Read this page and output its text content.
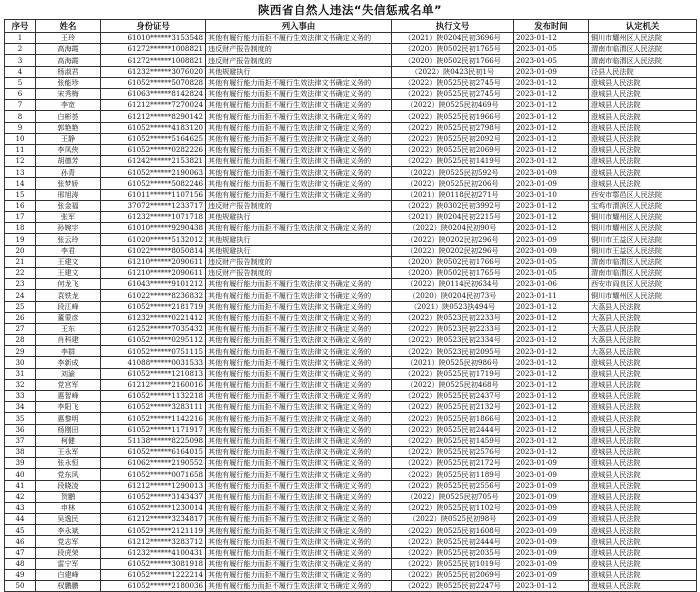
陕西省自然人违法“失信惩戒名单”
序号	姓名	身份证号	列入事由	执行文号	发布时间	认定机关
1	王玲	61010******3153548	其他有履行能力而拒不履行生效法律文书确定义务的	（2021）陕0204民初3696号	2023-01-12	铜川市耀州区人民法院
2	高海霞	61272******1008821	违反财产报告制度的	（2020）陕0502民初1765号	2023-01-05	渭南市临渭区人民法院
3	高海霞	61272******1008821	违反财产报告制度的	（2020）陕0502民初1766号	2023-01-05	渭南市临渭区人民法院
4	杨淑君	61232******3076020	其他规避执行	（2022）陕0423民初1号	2023-01-09	泾县人民法院
5	张能珍	61052******5070828	其他有履行能力而拒不履行生效法律文书确定义务的	（2022）陕0525民初2745号	2023-01-12	澄城县人民法院
6	宋秀梅	61063******8142824	其他有履行能力而拒不履行生效法律文书确定义务的	（2022）陕0525民初2745号	2023-01-12	澄城县人民法院
7	李宽	61212******7270024	其他有履行能力而拒不履行生效法律文书确定义务的	（2022）陕0525民初469号	2023-01-12	澄城县人民法院
8	白彬荟	61212******8290142	其他有履行能力而拒不履行生效法律文书确定义务的	（2022）陕0525民初1966号	2023-01-12	澄城县人民法院
9	郭艳艳	61052******4183120	其他有履行能力而拒不履行生效法律文书确定义务的	（2022）陕0525民初2798号	2023-01-12	澄城县人民法院
10	王静	61052******5164625	其他有履行能力而拒不履行生效法律文书确定义务的	（2022）陕0525民初2092号	2023-01-12	澄城县人民法院
11	李凤侠	61052******0282226	其他有履行能力而拒不履行生效法律文书确定义务的	（2022）陕0525民初2069号	2023-01-12	澄城县人民法院
12	胡德芳	61242******2153821	其他有履行能力而拒不履行生效法律文书确定义务的	（2022）陕0525民初1419号	2023-01-12	澄城县人民法院
13	孙青	61052******2190063	其他有履行能力而拒不履行生效法律文书确定义务的	（2022）陕0525民初592号	2023-01-09	澄城县人民法院
14	张梦娇	61052******5082246	其他有履行能力而拒不履行生效法律文书确定义务的	（2022）陕0525民初206号	2023-01-09	澄城县人民法院
15	邢旭涛	61011******1107156	其他有履行能力而拒不履行生效法律文书确定义务的	（2021）陕0118民初271号	2023-01-10	西安市鄠邑区人民法院
16	张金福	37072******1233717	违反财产报告制度的	（2022）陕0302民初3992号	2023-01-12	宝鸡市渭滨区人民法院
17	张军	61232******1071718	其他规避执行	（2021）陕0204民初2215号	2023-01-12	铜川市耀州区人民法院
18	孙婉宇	61010******9290438	其他有履行能力而拒不履行生效法律文书确定义务的	（2022）陕0204民初90号	2023-01-12	铜川市耀州区人民法院
19	张云玲	61020******5132012	其他规避执行	（2022）陕0202民初296号	2023-01-09	铜川市王益区人民法院
20	李君	61022******8050814	其他规避执行	（2022）陕0202民初296号	2023-01-09	铜川市王益区人民法院
21	王建文	61210******2090611	违反财产报告制度的	（2020）陕0502民初1766号	2023-01-05	渭南市临渭区人民法院
22	王建文	61210******2090611	违反财产报告制度的	（2020）陕0502民初1765号	2023-01-05	渭南市临渭区人民法院
23	何龙飞	61043******9101212	其他有履行能力而拒不履行生效法律文书确定义务的	（2022）陕0114民初634号	2023-01-06	西安市阎良区人民法院
24	袁铁龙	61022******8236832	其他有履行能力而拒不履行生效法律文书确定义务的	（2020）陕0204民初73号	2023-01-11	铜川市耀州区人民法院
25	段江峰	61052******2181719	其他有履行能力而拒不履行生效法律文书确定义务的	（2021）陕0523执494号	2023-01-12	大荔县人民法院
26	董蒙彦	61232******0221412	其他有履行能力而拒不履行生效法律文书确定义务的	（2022）陕0523民初2233号	2023-01-12	大荔县人民法院
27	王东	61252******7035432	其他有履行能力而拒不履行生效法律文书确定义务的	（2022）陕0523民初2233号	2023-01-12	大荔县人民法院
28	肖科建	61052******0295112	其他有履行能力而拒不履行生效法律文书确定义务的	（2022）陕0523民初2334号	2023-01-12	大荔县人民法院
29	李群	61052******0751115	其他有履行能力而拒不履行生效法律文书确定义务的	（2022）陕0523民初2095号	2023-01-12	大荔县人民法院
30	李新成	41088******0031533	其他有履行能力而拒不履行生效法律文书确定义务的	（2021）陕0525民初986号	2023-01-12	澄城县人民法院
31	刘渝	61052******1210813	其他有履行能力而拒不履行生效法律文书确定义务的	（2022）陕0525民初1719号	2023-01-12	澄城县人民法院
32	党宫军	61212******2160016	其他有履行能力而拒不履行生效法律文书确定义务的	（2022）陕0525民初468号	2023-01-12	澄城县人民法院
33	惠智峰	61052******1132218	其他有履行能力而拒不履行生效法律文书确定义务的	（2022）陕0525民初2437号	2023-01-12	澄城县人民法院
34	李阳飞	61052******3283111	其他有履行能力而拒不履行生效法律文书确定义务的	（2022）陕0525民初2132号	2023-01-12	澄城县人民法院
35	惠黎明	61052******1142216	其他有履行能力而拒不履行生效法律文书确定义务的	（2022）陕0525民初1866号	2023-01-12	澄城县人民法院
36	杨刚田	61052******1171917	其他有履行能力而拒不履行生效法律文书确定义务的	（2022）陕0525民初2444号	2023-01-12	澄城县人民法院
37	柯健	51138******8225098	其他有履行能力而拒不履行生效法律文书确定义务的	（2022）陕0525民初1459号	2023-01-12	澄城县人民法院
38	王永军	61052******6164015	其他有履行能力而拒不履行生效法律文书确定义务的	（2022）陕0525民初2576号	2023-01-12	澄城县人民法院
39	张永恒	61062******2190552	其他有履行能力而拒不履行生效法律文书确定义务的	（2022）陕0525民初2172号	2023-01-09	澄城县人民法院
40	党东风	61052******0071658	其他有履行能力而拒不履行生效法律文书确定义务的	（2022）陕0525民初1189号	2023-01-09	澄城县人民法院
41	段晓凌	61212******1290013	其他有履行能力而拒不履行生效法律文书确定义务的	（2022）陕0525民初2556号	2023-01-09	澄城县人民法院
42	贺鹏	61052******3143437	其他有履行能力而拒不履行生效法律文书确定义务的	（2022）陕0525民初705号	2023-01-09	澄城县人民法院
43	申林	61052******1230014	其他有履行能力而拒不履行生效法律文书确定义务的	（2022）陕0525民初1102号	2023-01-09	澄城县人民法院
44	吴逸民	61212******3234817	其他有履行能力而拒不履行生效法律文书确定义务的	（2022）陕0525民初98号	2023-01-09	澄城县人民法院
45	李永斌	61052******2121119	其他有履行能力而拒不履行生效法律文书确定义务的	（2022）陕0525民初1608号	2023-01-09	澄城县人民法院
46	党志军	61212******3283712	其他有履行能力而拒不履行生效法律文书确定义务的	（2022）陕0525民初2444号	2023-01-09	澄城县人民法院
47	段虎荣	61232******4100431	其他有履行能力而拒不履行生效法律文书确定义务的	（2022）陕0525民初2035号	2023-01-09	澄城县人民法院
48	雷宁军	61052******3081918	其他有履行能力而拒不履行生效法律文书确定义务的	（2022）陕0525民初1019号	2023-01-09	澄城县人民法院
49	白建峰	61052******1222214	其他有履行能力而拒不履行生效法律文书确定义务的	（2022）陕0525民初2069号	2023-01-09	澄城县人民法院
50	权鹏鹏	61052******2180036	其他有履行能力而拒不履行生效法律文书确定义务的	（2022）陕0525民初2247号	2023-01-12	澄城县人民法院
